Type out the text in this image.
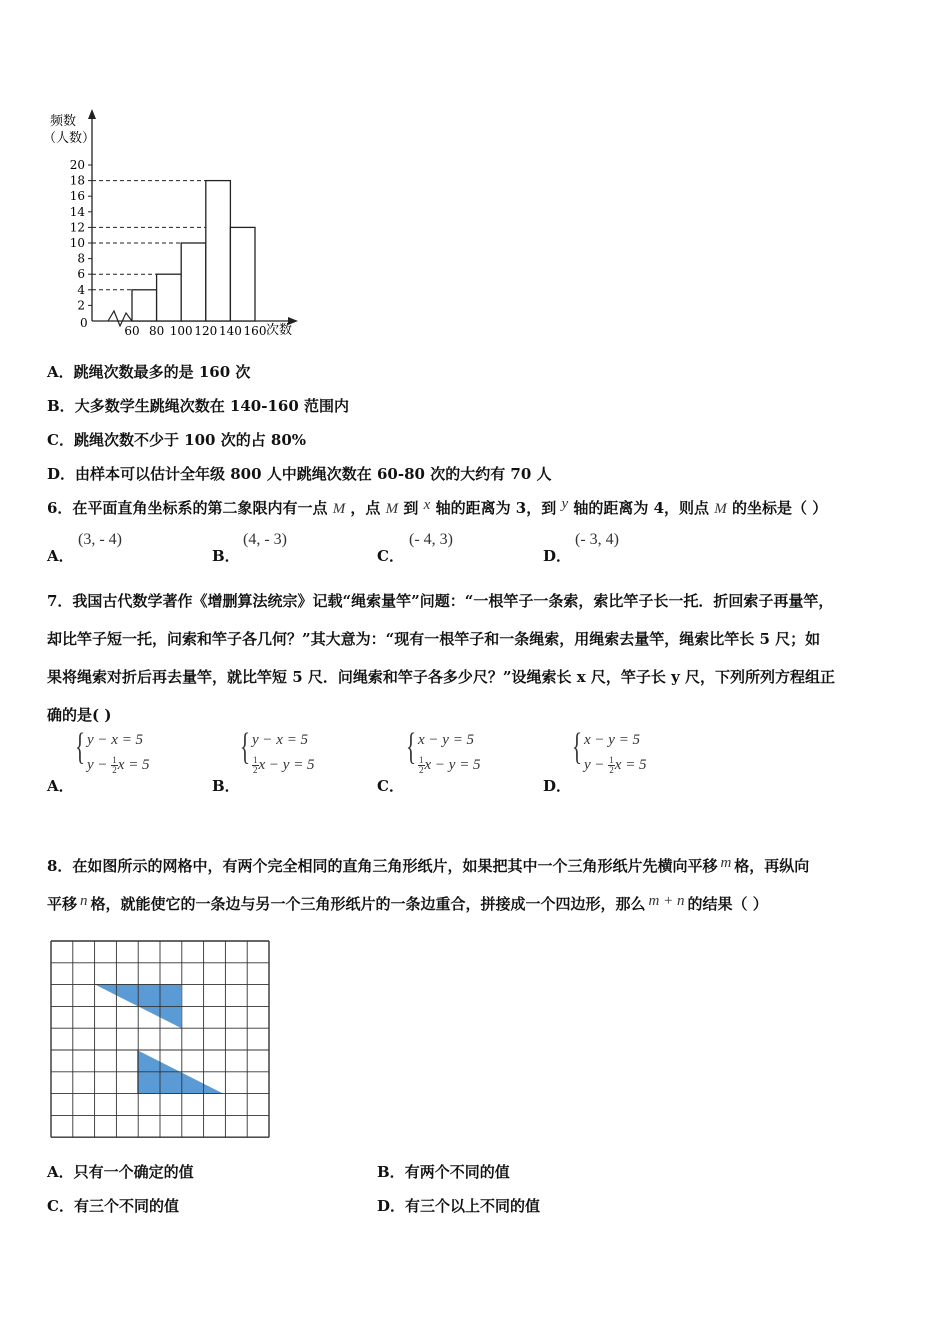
2
4
6
8
10
12
14
16
18
20
60 80 100 120 140 160
频数
（人数）
次数
0
A．跳绳次数最多的是 160 次
B．大多数学生跳绳次数在 140-160 范围内
C．跳绳次数不少于 100 次的占 80%
D．由样本可以估计全年级 800 人中跳绳次数在 60-80 次的大约有 70 人
6．在平面直角坐标系的第二象限内有一点 M ，点 M 到 x 轴的距离为 3，到 y 轴的距离为 4，则点 M 的坐标是（ ）
A．
(3, - 4)
B．
(4, - 3)
C．
(- 4, 3)
D．
(- 3, 4)
7．我国古代数学著作《增删算法统宗》记载“绳索量竿”问题：“一根竿子一条索，索比竿子长一托．折回索子再量竿，
却比竿子短一托，问索和竿子各几何？”其大意为：“现有一根竿子和一条绳索，用绳索去量竿，绳索比竿长 5 尺；如
果将绳索对折后再去量竿，就比竿短 5 尺．问绳索和竿子各多少尺？”设绳索长 x 尺，竿子长 y 尺，下列所列方程组正
确的是( )
A．
{ y − x = 5
$y - \frac{1}{2}$ x = 5
B．
{ y − x = 5
$\frac{1}{2}$ x − y = 5
C．
{ x − y = 5
$\frac{1}{2}$ x − y = 5
D．
{ x − y = 5
$y - \frac{1}{2}$ x = 5
8．在如图所示的网格中，有两个完全相同的直角三角形纸片，如果把其中一个三角形纸片先横向平移 m 格，再纵向
平移 n 格，就能使它的一条边与另一个三角形纸片的一条边重合，拼接成一个四边形，那么 m + n 的结果（ ）
A．只有一个确定的值	B．有两个不同的值
C．有三个不同的值	D．有三个以上不同的值
